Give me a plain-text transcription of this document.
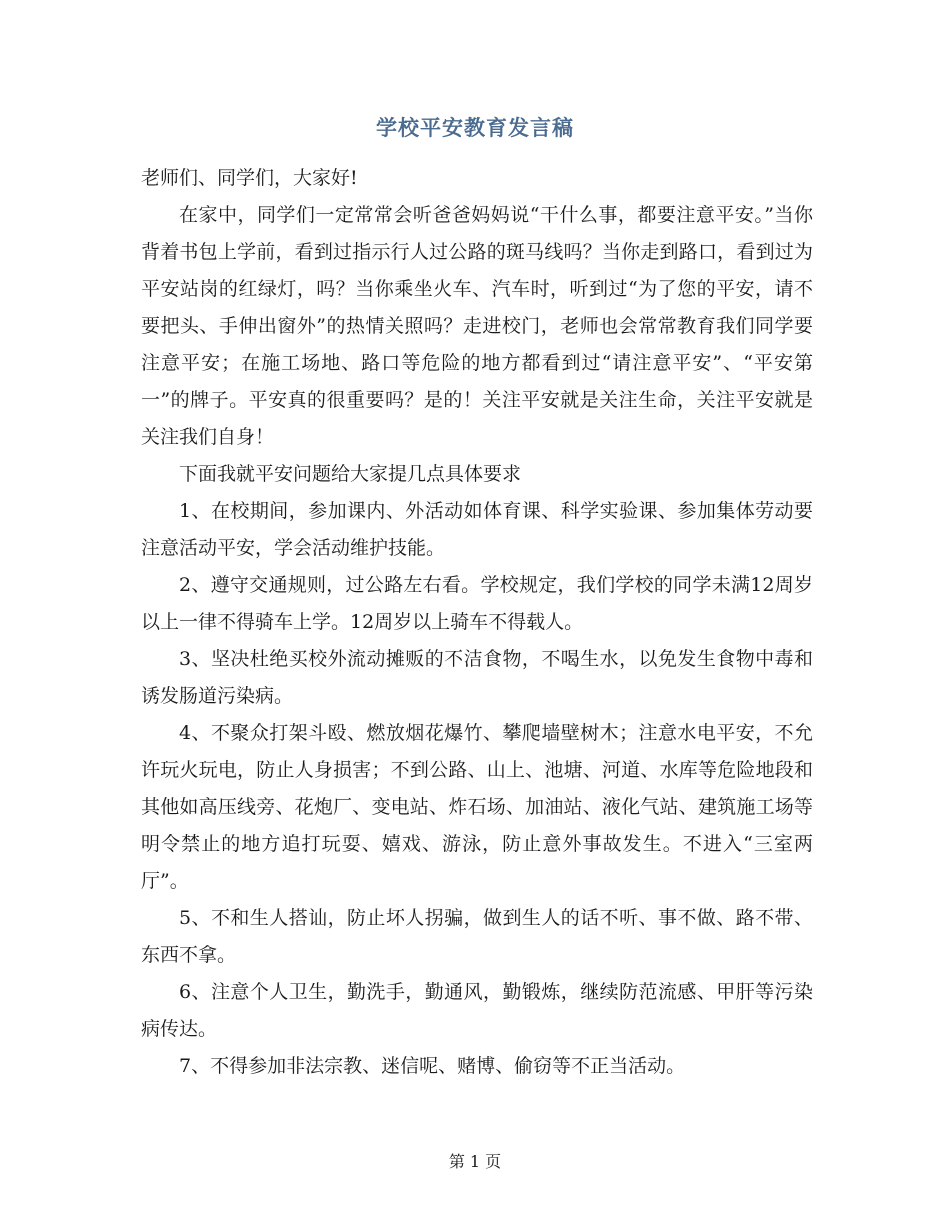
学校平安教育发言稿

老师们、同学们，大家好!

在家中，同学们一定常常会听爸爸妈妈说“干什么事，都要注意平安。”当你背着书包上学前，看到过指示行人过公路的斑马线吗？当你走到路口，看到过为平安站岗的红绿灯，吗？当你乘坐火车、汽车时，听到过“为了您的平安，请不要把头、手伸出窗外”的热情关照吗？走进校门，老师也会常常教育我们同学要注意平安；在施工场地、路口等危险的地方都看到过“请注意平安”、“平安第一”的牌子。平安真的很重要吗？是的！关注平安就是关注生命，关注平安就是关注我们自身！

下面我就平安问题给大家提几点具体要求

1、在校期间，参加课内、外活动如体育课、科学实验课、参加集体劳动要注意活动平安，学会活动维护技能。

2、遵守交通规则，过公路左右看。学校规定，我们学校的同学未满12周岁以上一律不得骑车上学。12周岁以上骑车不得载人。

3、坚决杜绝买校外流动摊贩的不洁食物，不喝生水，以免发生食物中毒和诱发肠道污染病。

4、不聚众打架斗殴、燃放烟花爆竹、攀爬墙壁树木；注意水电平安，不允许玩火玩电，防止人身损害；不到公路、山上、池塘、河道、水库等危险地段和其他如高压线旁、花炮厂、变电站、炸石场、加油站、液化气站、建筑施工场等明令禁止的地方追打玩耍、嬉戏、游泳，防止意外事故发生。不进入“三室两厅”。

5、不和生人搭讪，防止坏人拐骗，做到生人的话不听、事不做、路不带、东西不拿。

6、注意个人卫生，勤洗手，勤通风，勤锻炼，继续防范流感、甲肝等污染病传达。

7、不得参加非法宗教、迷信呢、赌博、偷窃等不正当活动。

第 1 页
